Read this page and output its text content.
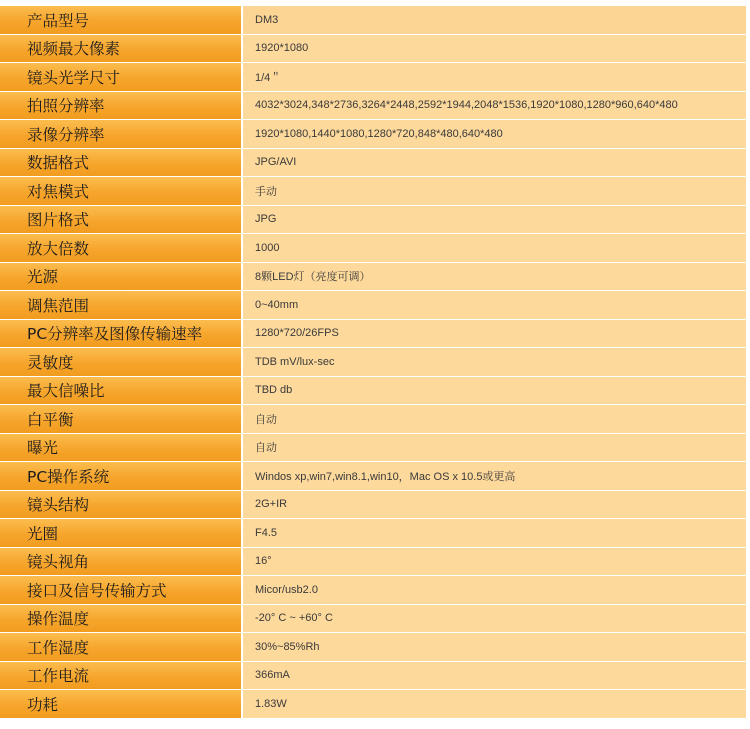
产品型号	DM3
视频最大像素	1920*1080
镜头光学尺寸	1/4＂
拍照分辨率	4032*3024,348*2736,3264*2448,2592*1944,2048*1536,1920*1080,1280*960,640*480
录像分辨率	1920*1080,1440*1080,1280*720,848*480,640*480
数据格式	JPG/AVI
对焦模式	手动
图片格式	JPG
放大倍数	1000
光源	8颗LED灯（亮度可调）
调焦范围	0~40mm
PC分辨率及图像传输速率	1280*720/26FPS
灵敏度	TDB mV/lux-sec
最大信噪比	TBD db
白平衡	自动
曝光	自动
PC操作系统	Windos xp,win7,win8.1,win10，Mac OS x 10.5或更高
镜头结构	2G+IR
光圈	F4.5
镜头视角	16°
接口及信号传输方式	Micor/usb2.0
操作温度	-20° C ~ +60° C
工作湿度	30%~85%Rh
工作电流	366mA
功耗	1.83W
